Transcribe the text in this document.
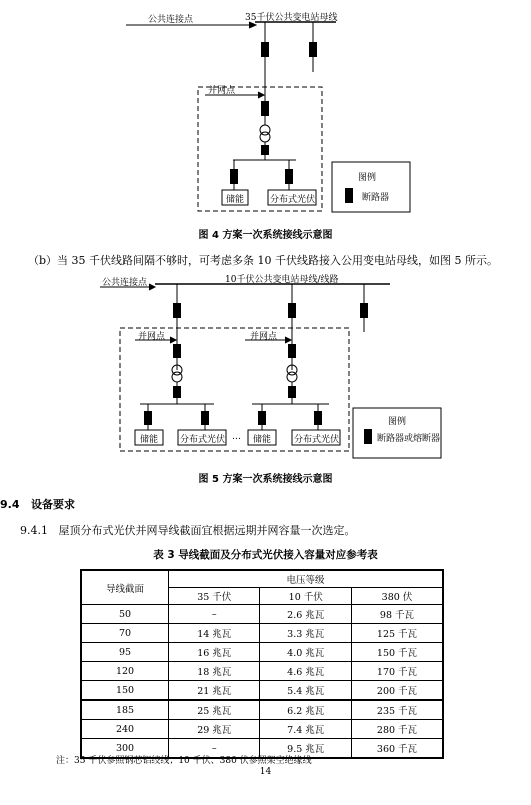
公共连接点	35千伏公共变电站母线
并网点
储能	分布式光伏
图例
断路器
图 4 方案一次系统接线示意图
（b）当 35 千伏线路间隔不够时，可考虑多条 10 千伏线路接入公用变电站母线，如图 5 所示。
公共连接点	10千伏公共变电站母线/线路
并网点	并网点
储能 分布式光伏 … 储能	分布式光伏
图例
断路器或熔断器
图 5 方案一次系统接线示意图
9.4 设备要求
9.4.1 屋顶分布式光伏并网导线截面宜根据远期并网容量一次选定。
表 3 导线截面及分布式光伏接入容量对应参考表
导线截面	电压等级		
	35 千伏	10 千伏	380 伏
50	–	2.6 兆瓦	98 千瓦
70	14 兆瓦	3.3 兆瓦	125 千瓦
95	16 兆瓦	4.0 兆瓦	150 千瓦
120	18 兆瓦	4.6 兆瓦	170 千瓦
150	21 兆瓦	5.4 兆瓦	200 千瓦
185	25 兆瓦	6.2 兆瓦	235 千瓦
240	29 兆瓦	7.4 兆瓦	280 千瓦
300	–	9.5 兆瓦	360 千瓦
注：35 千伏参照钢芯铝绞线；10 千伏、380 伏参照架空绝缘线
14
